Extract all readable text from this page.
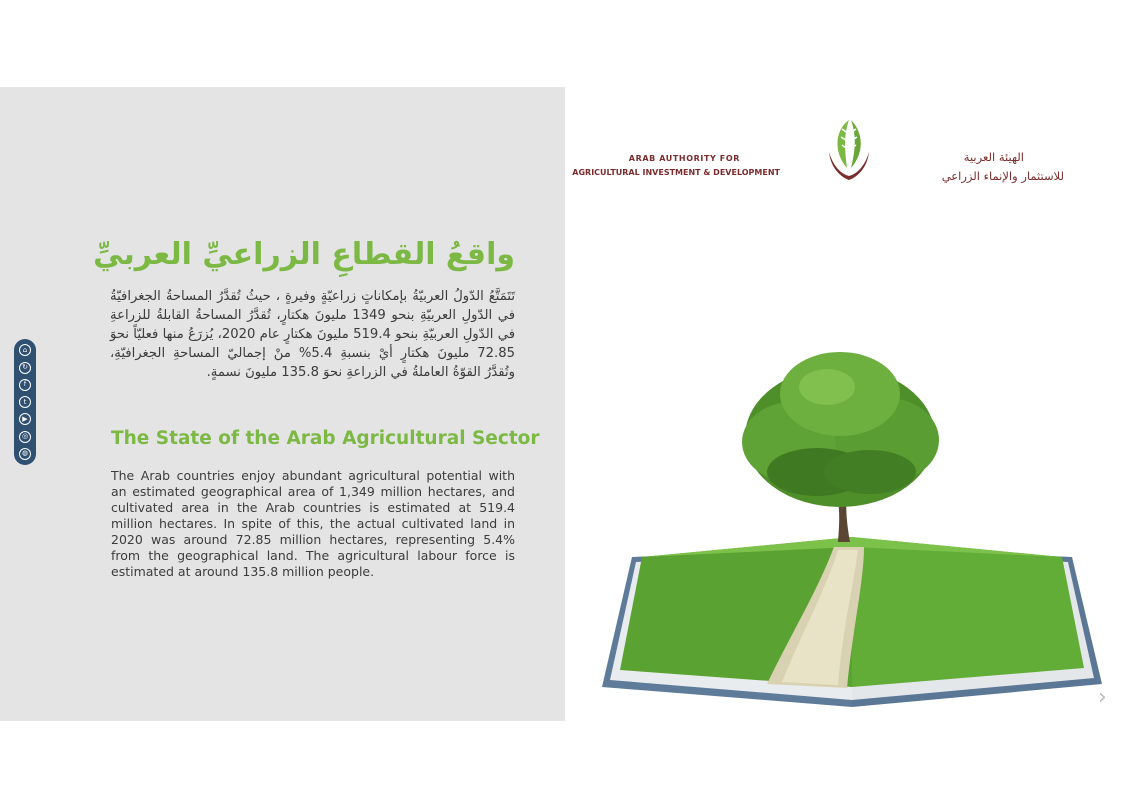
واقعُ القطاعِ الزراعيِّ العربيِّ
تَتَمَتَّعُ الدّولُ العربيّةُ بإمكاناتٍ زراعيّةٍ وفيرةٍ ، حيثُ تُقدَّرُ المساحةُ الجغرافيّةُ في الدّولِ العربيّةِ بنحو 1349 مليونَ هكتارٍ، تُقدَّرُ المساحةُ القابلةُ للزراعةِ في الدّولِ العربيّةِ بنحو 519.4 مليونَ هكتارٍ عام 2020، يُزرَعُ منها فعليّاً نحوَ 72.85 مليونَ هكتارٍ أيْ بنسبةِ 5.4% منْ إجماليّ المساحةِ الجغرافيّةِ، وتُقدَّرُ القوّةُ العاملةُ في الزراعةِ نحوَ 135.8 مليونَ نسمةٍ.
The State of the Arab Agricultural Sector
The Arab countries enjoy abundant agricultural potential with an estimated geographical area of 1,349 million hectares, and cultivated area in the Arab countries is estimated at 519.4 million hectares. In spite of this, the actual cultivated land in 2020 was around 72.85 million hectares, representing 5.4% from the geographical land. The agricultural labour force is estimated at around 135.8 million people.
⌂
↻
f
t
▶
◎
◍
ARAB AUTHORITY FOR
AGRICULTURAL INVESTMENT & DEVELOPMENT
الهيئة العربية
للاستثمار والإنماء الزراعي
›
